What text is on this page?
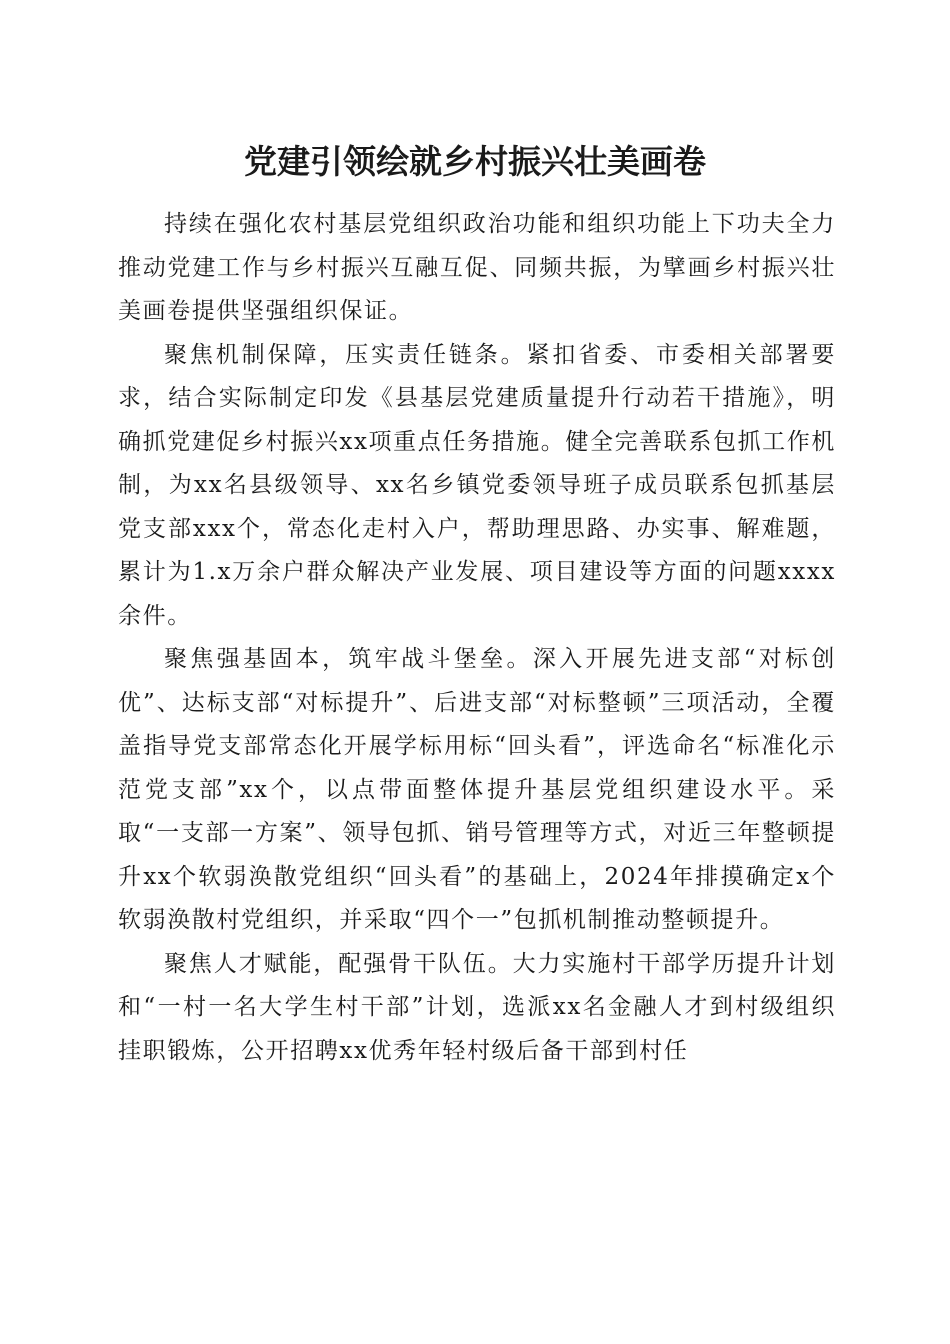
党建引领绘就乡村振兴壮美画卷

持续在强化农村基层党组织政治功能和组织功能上下功夫全力推动党建工作与乡村振兴互融互促、同频共振，为擘画乡村振兴壮美画卷提供坚强组织保证。

聚焦机制保障，压实责任链条。紧扣省委、市委相关部署要求，结合实际制定印发《县基层党建质量提升行动若干措施》，明确抓党建促乡村振兴xx项重点任务措施。健全完善联系包抓工作机制，为xx名县级领导、xx名乡镇党委领导班子成员联系包抓基层党支部xxx个，常态化走村入户，帮助理思路、办实事、解难题，累计为1.x万余户群众解决产业发展、项目建设等方面的问题xxxx余件。

聚焦强基固本，筑牢战斗堡垒。深入开展先进支部“对标创优”、达标支部“对标提升”、后进支部“对标整顿”三项活动，全覆盖指导党支部常态化开展学标用标“回头看”，评选命名“标准化示范党支部”xx个，以点带面整体提升基层党组织建设水平。采取“一支部一方案”、领导包抓、销号管理等方式，对近三年整顿提升xx个软弱涣散党组织“回头看”的基础上，2024年排摸确定x个软弱涣散村党组织，并采取“四个一”包抓机制推动整顿提升。

聚焦人才赋能，配强骨干队伍。大力实施村干部学历提升计划和“一村一名大学生村干部”计划，选派xx名金融人才到村级组织挂职锻炼，公开招聘xx优秀年轻村级后备干部到村任
